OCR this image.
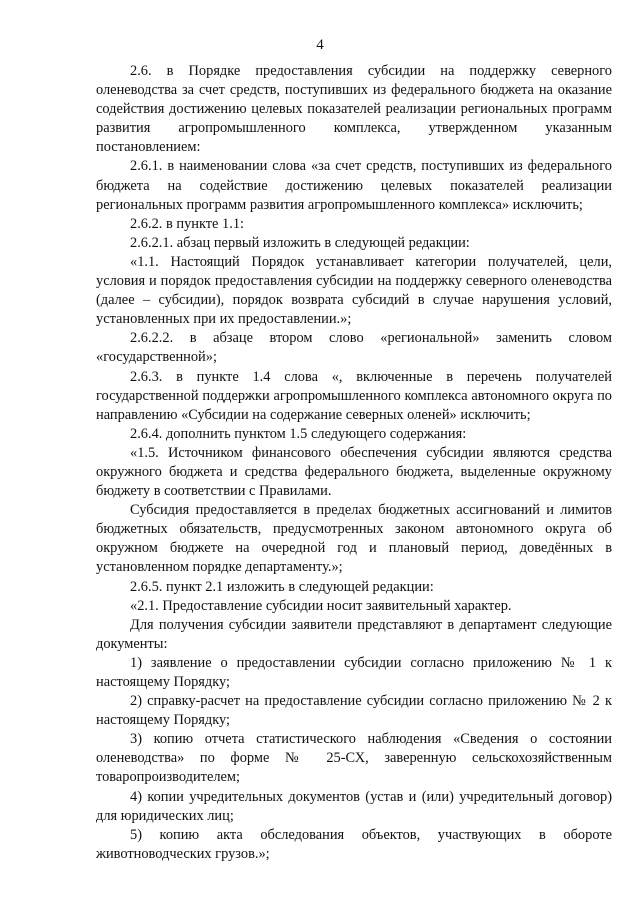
4

2.6. в Порядке предоставления субсидии на поддержку северного оленеводства за счет средств, поступивших из федерального бюджета на оказание содействия достижению целевых показателей реализации региональных программ развития агропромышленного комплекса, утвержденном указанным постановлением:

2.6.1. в наименовании слова «за счет средств, поступивших из федерального бюджета на содействие достижению целевых показателей реализации региональных программ развития агропромышленного комплекса» исключить;

2.6.2. в пункте 1.1:

2.6.2.1. абзац первый изложить в следующей редакции:

«1.1. Настоящий Порядок устанавливает категории получателей, цели, условия и порядок предоставления субсидии на поддержку северного оленеводства (далее – субсидии), порядок возврата субсидий в случае нарушения условий, установленных при их предоставлении.»;

2.6.2.2. в абзаце втором слово «региональной» заменить словом «государственной»;

2.6.3. в пункте 1.4 слова «, включенные в перечень получателей государственной поддержки агропромышленного комплекса автономного округа по направлению «Субсидии на содержание северных оленей» исключить;

2.6.4. дополнить пунктом 1.5 следующего содержания:

«1.5. Источником финансового обеспечения субсидии являются средства окружного бюджета и средства федерального бюджета, выделенные окружному бюджету в соответствии с Правилами.

Субсидия предоставляется в пределах бюджетных ассигнований и лимитов бюджетных обязательств, предусмотренных законом автономного округа об окружном бюджете на очередной год и плановый период, доведённых в установленном порядке департаменту.»;

2.6.5. пункт 2.1 изложить в следующей редакции:

«2.1. Предоставление субсидии носит заявительный характер.

Для получения субсидии заявители представляют в департамент следующие документы:

1) заявление о предоставлении субсидии согласно приложению № 1 к настоящему Порядку;

2) справку-расчет на предоставление субсидии согласно приложению № 2 к настоящему Порядку;

3) копию отчета статистического наблюдения «Сведения о состоянии оленеводства» по форме № 25-СХ, заверенную сельскохозяйственным товаропроизводителем;

4) копии учредительных документов (устав и (или) учредительный договор) для юридических лиц;

5) копию акта обследования объектов, участвующих в обороте животноводческих грузов.»;
